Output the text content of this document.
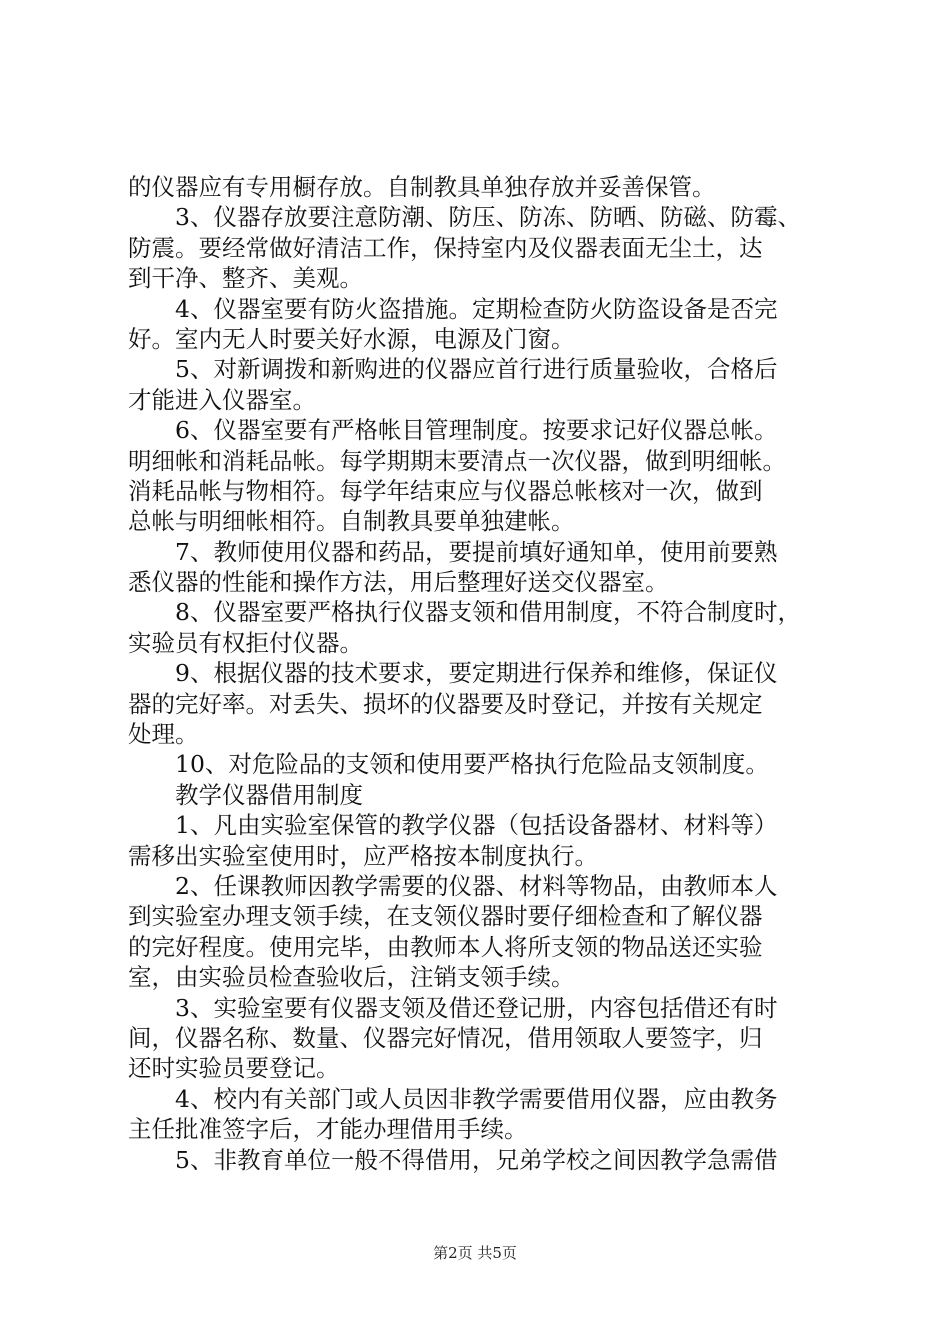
的仪器应有专用橱存放。自制教具单独存放并妥善保管。
3、仪器存放要注意防潮、防压、防冻、防晒、防磁、防霉、
防震。要经常做好清洁工作，保持室内及仪器表面无尘土，达
到干净、整齐、美观。
4、仪器室要有防火盗措施。定期检查防火防盗设备是否完
好。室内无人时要关好水源，电源及门窗。
5、对新调拨和新购进的仪器应首行进行质量验收，合格后
才能进入仪器室。
6、仪器室要有严格帐目管理制度。按要求记好仪器总帐。
明细帐和消耗品帐。每学期期末要清点一次仪器，做到明细帐。
消耗品帐与物相符。每学年结束应与仪器总帐核对一次，做到
总帐与明细帐相符。自制教具要单独建帐。
7、教师使用仪器和药品，要提前填好通知单，使用前要熟
悉仪器的性能和操作方法，用后整理好送交仪器室。
8、仪器室要严格执行仪器支领和借用制度，不符合制度时，
实验员有权拒付仪器。
9、根据仪器的技术要求，要定期进行保养和维修，保证仪
器的完好率。对丢失、损坏的仪器要及时登记，并按有关规定
处理。
10、对危险品的支领和使用要严格执行危险品支领制度。
教学仪器借用制度
1、凡由实验室保管的教学仪器（包括设备器材、材料等）
需移出实验室使用时，应严格按本制度执行。
2、任课教师因教学需要的仪器、材料等物品，由教师本人
到实验室办理支领手续，在支领仪器时要仔细检查和了解仪器
的完好程度。使用完毕，由教师本人将所支领的物品送还实验
室，由实验员检查验收后，注销支领手续。
3、实验室要有仪器支领及借还登记册，内容包括借还有时
间，仪器名称、数量、仪器完好情况，借用领取人要签字，归
还时实验员要登记。
4、校内有关部门或人员因非教学需要借用仪器，应由教务
主任批准签字后，才能办理借用手续。
5、非教育单位一般不得借用，兄弟学校之间因教学急需借
第2页 共5页
